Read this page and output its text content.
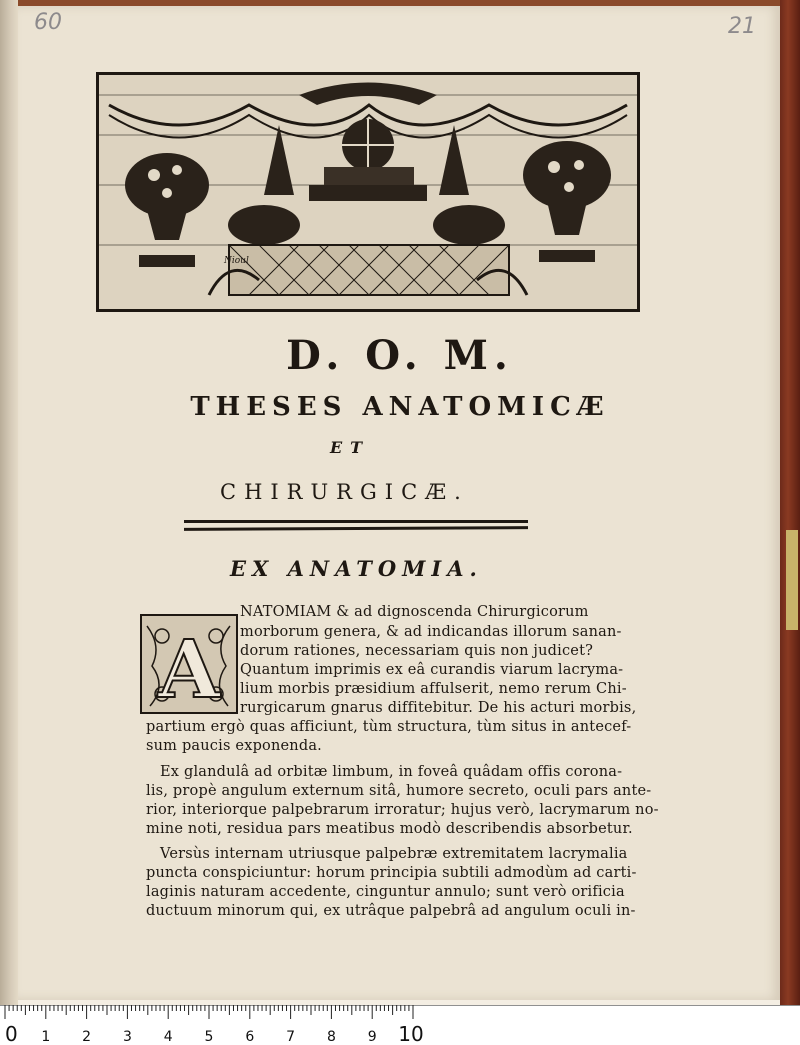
60	21
Nioul
D. O. M.
THESES ANATOMICÆ
ET
CHIRURGICÆ.
EX ANATOMIA.
A
NATOMIAM & ad dignoscenda Chirurgicorum
morborum genera, & ad indicandas illorum sanan-
dorum rationes, necessariam quis non judicet?
Quantum imprimis ex eâ curandis viarum lacryma-
lium morbis præsidium affulserit, nemo rerum Chi-
rurgicarum gnarus diffitebitur. De his acturi morbis,
partium ergò quas afficiunt, tùm structura, tùm situs in antecef-
sum paucis exponenda.
Ex glandulâ ad orbitæ limbum, in foveâ quâdam offis corona-
lis, propè angulum externum sitâ, humore secreto, oculi pars ante-
rior, interiorque palpebrarum irroratur; hujus verò, lacrymarum no-
mine noti, residua pars meatibus modò describendis absorbetur.
Versùs internam utriusque palpebræ extremitatem lacrymalia
puncta conspiciuntur: horum principia subtili admodùm ad carti-
laginis naturam accedente, cinguntur annulo; sunt verò orificia
ductuum minorum qui, ex utrâque palpebrâ ad angulum oculi in-
0 1 2 3 4 5 6 7 8 9 10
